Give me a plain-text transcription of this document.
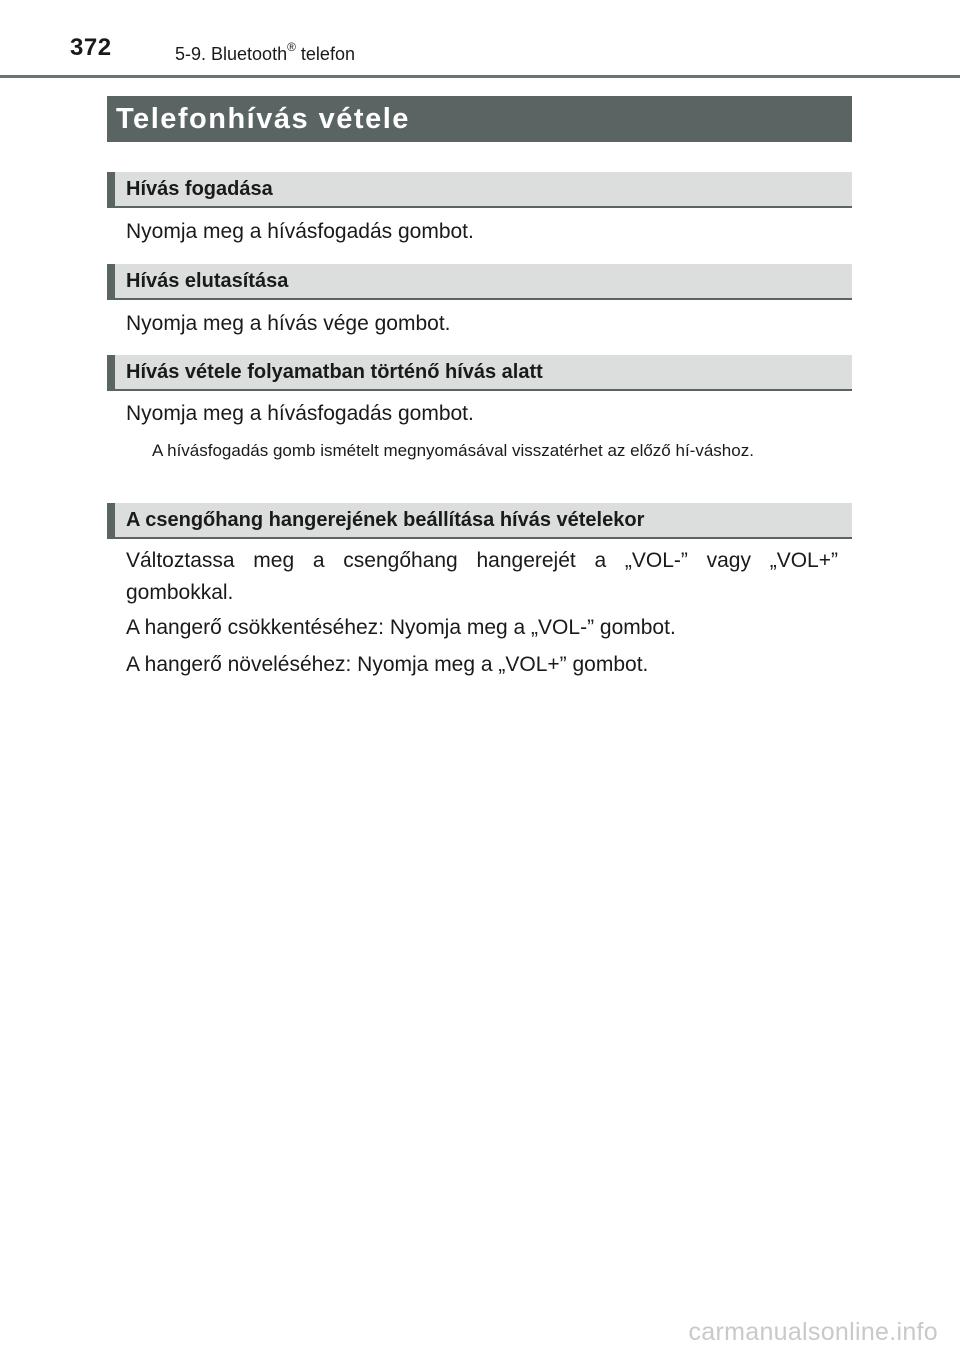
372	5-9. Bluetooth® telefon
Telefonhívás vétele
Hívás fogadása
Nyomja meg a hívásfogadás gombot.
Hívás elutasítása
Nyomja meg a hívás vége gombot.
Hívás vétele folyamatban történő hívás alatt
Nyomja meg a hívásfogadás gombot.
A hívásfogadás gomb ismételt megnyomásával visszatérhet az előző hí-váshoz.
A csengőhang hangerejének beállítása hívás vételekor
Változtassa meg a csengőhang hangerejét a „VOL-” vagy „VOL+” gombokkal.
A hangerő csökkentéséhez: Nyomja meg a „VOL-” gombot.
A hangerő növeléséhez: Nyomja meg a „VOL+” gombot.
carmanualsonline.info
